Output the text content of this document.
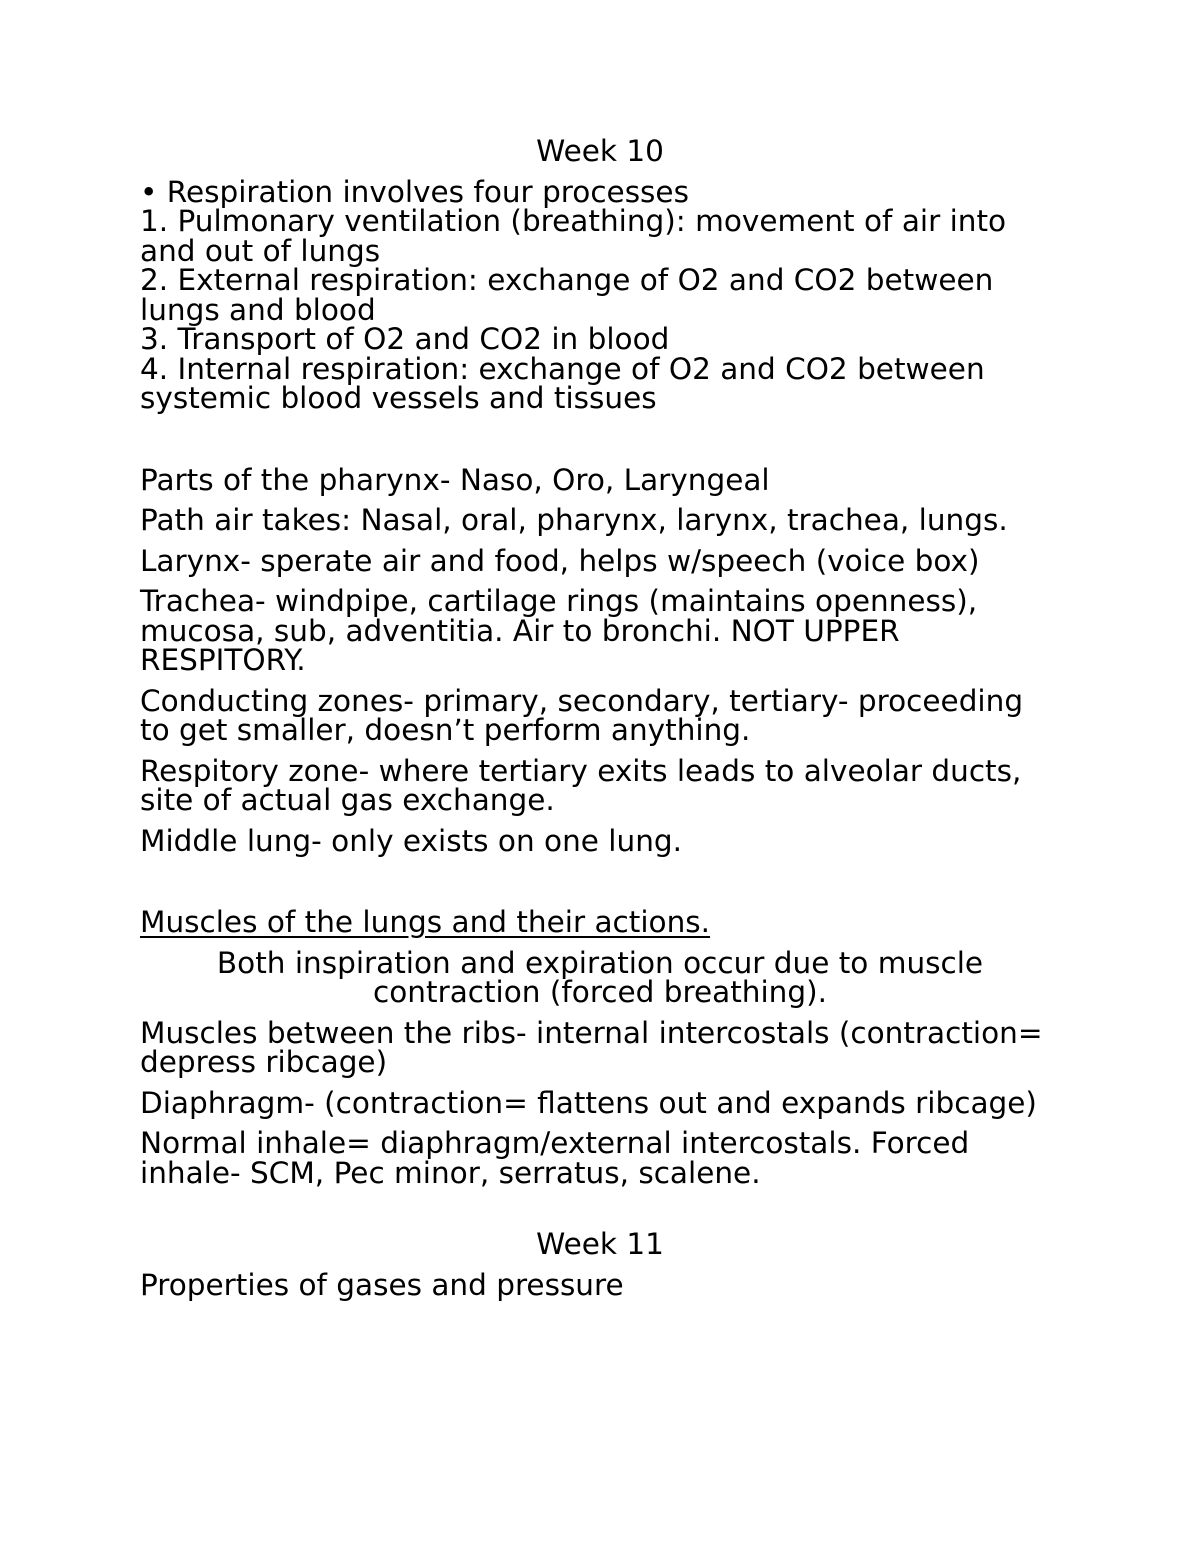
Week 10

• Respiration involves four processes

1. Pulmonary ventilation (breathing): movement of air into and out of lungs

2. External respiration: exchange of O2 and CO2 between lungs and blood

3. Transport of O2 and CO2 in blood

4. Internal respiration: exchange of O2 and CO2 between systemic blood vessels and tissues

Parts of the pharynx- Naso, Oro, Laryngeal

Path air takes: Nasal, oral, pharynx, larynx, trachea, lungs.

Larynx- sperate air and food, helps w/speech (voice box)

Trachea- windpipe, cartilage rings (maintains openness), mucosa, sub, adventitia. Air to bronchi. NOT UPPER RESPITORY.

Conducting zones- primary, secondary, tertiary- proceeding to get smaller, doesn’t perform anything.

Respitory zone- where tertiary exits leads to alveolar ducts, site of actual gas exchange.

Middle lung- only exists on one lung.

Muscles of the lungs and their actions.

Both inspiration and expiration occur due to muscle contraction (forced breathing).

Muscles between the ribs- internal intercostals (contraction= depress ribcage)

Diaphragm- (contraction= flattens out and expands ribcage)

Normal inhale= diaphragm/external intercostals. Forced inhale- SCM, Pec minor, serratus, scalene.

Week 11

Properties of gases and pressure
